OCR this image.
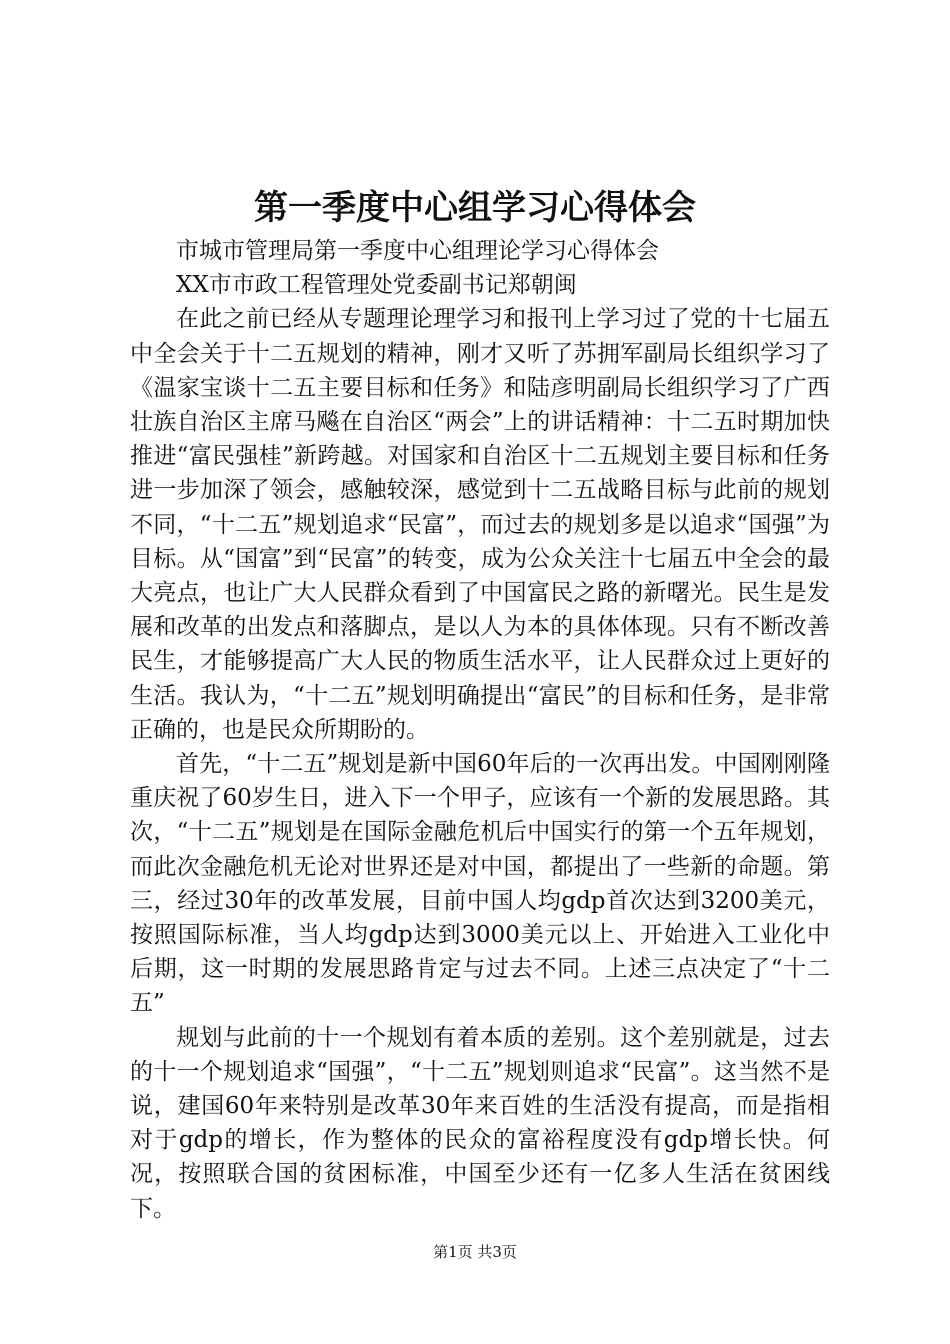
第一季度中心组学习心得体会

市城市管理局第一季度中心组理论学习心得体会

XX市市政工程管理处党委副书记郑朝闽

在此之前已经从专题理论理学习和报刊上学习过了党的十七届五中全会关于十二五规划的精神，刚才又听了苏拥军副局长组织学习了《温家宝谈十二五主要目标和任务》和陆彦明副局长组织学习了广西壮族自治区主席马飚在自治区“两会”上的讲话精神：十二五时期加快推进“富民强桂”新跨越。对国家和自治区十二五规划主要目标和任务进一步加深了领会，感触较深，感觉到十二五战略目标与此前的规划不同，“十二五”规划追求“民富”，而过去的规划多是以追求“国强”为目标。从“国富”到“民富”的转变，成为公众关注十七届五中全会的最大亮点，也让广大人民群众看到了中国富民之路的新曙光。民生是发展和改革的出发点和落脚点，是以人为本的具体体现。只有不断改善民生，才能够提高广大人民的物质生活水平，让人民群众过上更好的生活。我认为，“十二五”规划明确提出“富民”的目标和任务，是非常正确的，也是民众所期盼的。

首先，“十二五”规划是新中国60年后的一次再出发。中国刚刚隆重庆祝了60岁生日，进入下一个甲子，应该有一个新的发展思路。其次，“十二五”规划是在国际金融危机后中国实行的第一个五年规划，而此次金融危机无论对世界还是对中国，都提出了一些新的命题。第三，经过30年的改革发展，目前中国人均gdp首次达到3200美元，按照国际标准，当人均gdp达到3000美元以上、开始进入工业化中后期，这一时期的发展思路肯定与过去不同。上述三点决定了“十二五”

规划与此前的十一个规划有着本质的差别。这个差别就是，过去的十一个规划追求“国强”，“十二五”规划则追求“民富”。这当然不是说，建国60年来特别是改革30年来百姓的生活没有提高，而是指相对于gdp的增长，作为整体的民众的富裕程度没有gdp增长快。何况，按照联合国的贫困标准，中国至少还有一亿多人生活在贫困线下。

第1页 共3页
